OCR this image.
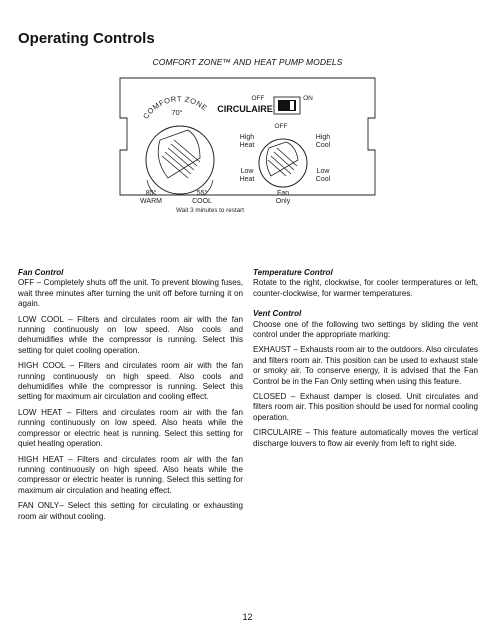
Operating Controls
COMFORT ZONE™ AND HEAT PUMP MODELS
COMFORT ZONE
70°	CIRCULAIRE
OFF	ON
OFF
High
Heat
High
Cool
Low
Heat
Low
Cool
Fan
Only
85°
WARM
55°
COOL
Wait 3 minutes to restart
Fan Control

OFF – Completely shuts off the unit. To prevent blowing fuses, wait three minutes after turning the unit off before turning it on again.

LOW COOL – Filters and circulates room air with the fan running continuously on low speed. Also cools and dehumidifies while the compressor is running. Select this setting for quiet cooling operation.

HIGH COOL – Filters and circulates room air with the fan running continuously on high speed. Also cools and dehumidifies while the compressor is running. Select this setting for maximum air circulation and cooling effect.

LOW HEAT – Filters and circulates room air with the fan running continuously on low speed. Also heats while the compressor or electric heat is running. Select this setting for quiet heating operation.

HIGH HEAT – Filters and circulates room air with the fan running continuously on high speed. Also heats while the compressor or electric heater is running. Select this setting for maximum air circulation and heating effect.

FAN ONLY– Select this setting for circulating or exhausting room air without cooling.

Temperature Control

Rotate to the right, clockwise, for cooler termperatures or left, counter-clockwise, for warmer temperatures.

Vent Control

Choose one of the following two settings by sliding the vent control under the appropriate marking:

EXHAUST – Exhausts room air to the outdoors. Also circulates and filters room air. This position can be used to exhaust stale or smoky air. To conserve energy, it is advised that the Fan Control be in the Fan Only setting when using this feature.

CLOSED – Exhaust damper is closed. Unit circulates and filters room air. This position should be used for normal cooling operation.

CIRCULAIRE – This feature automatically moves the vertical discharge louvers to flow air evenly from left to right side.

12
